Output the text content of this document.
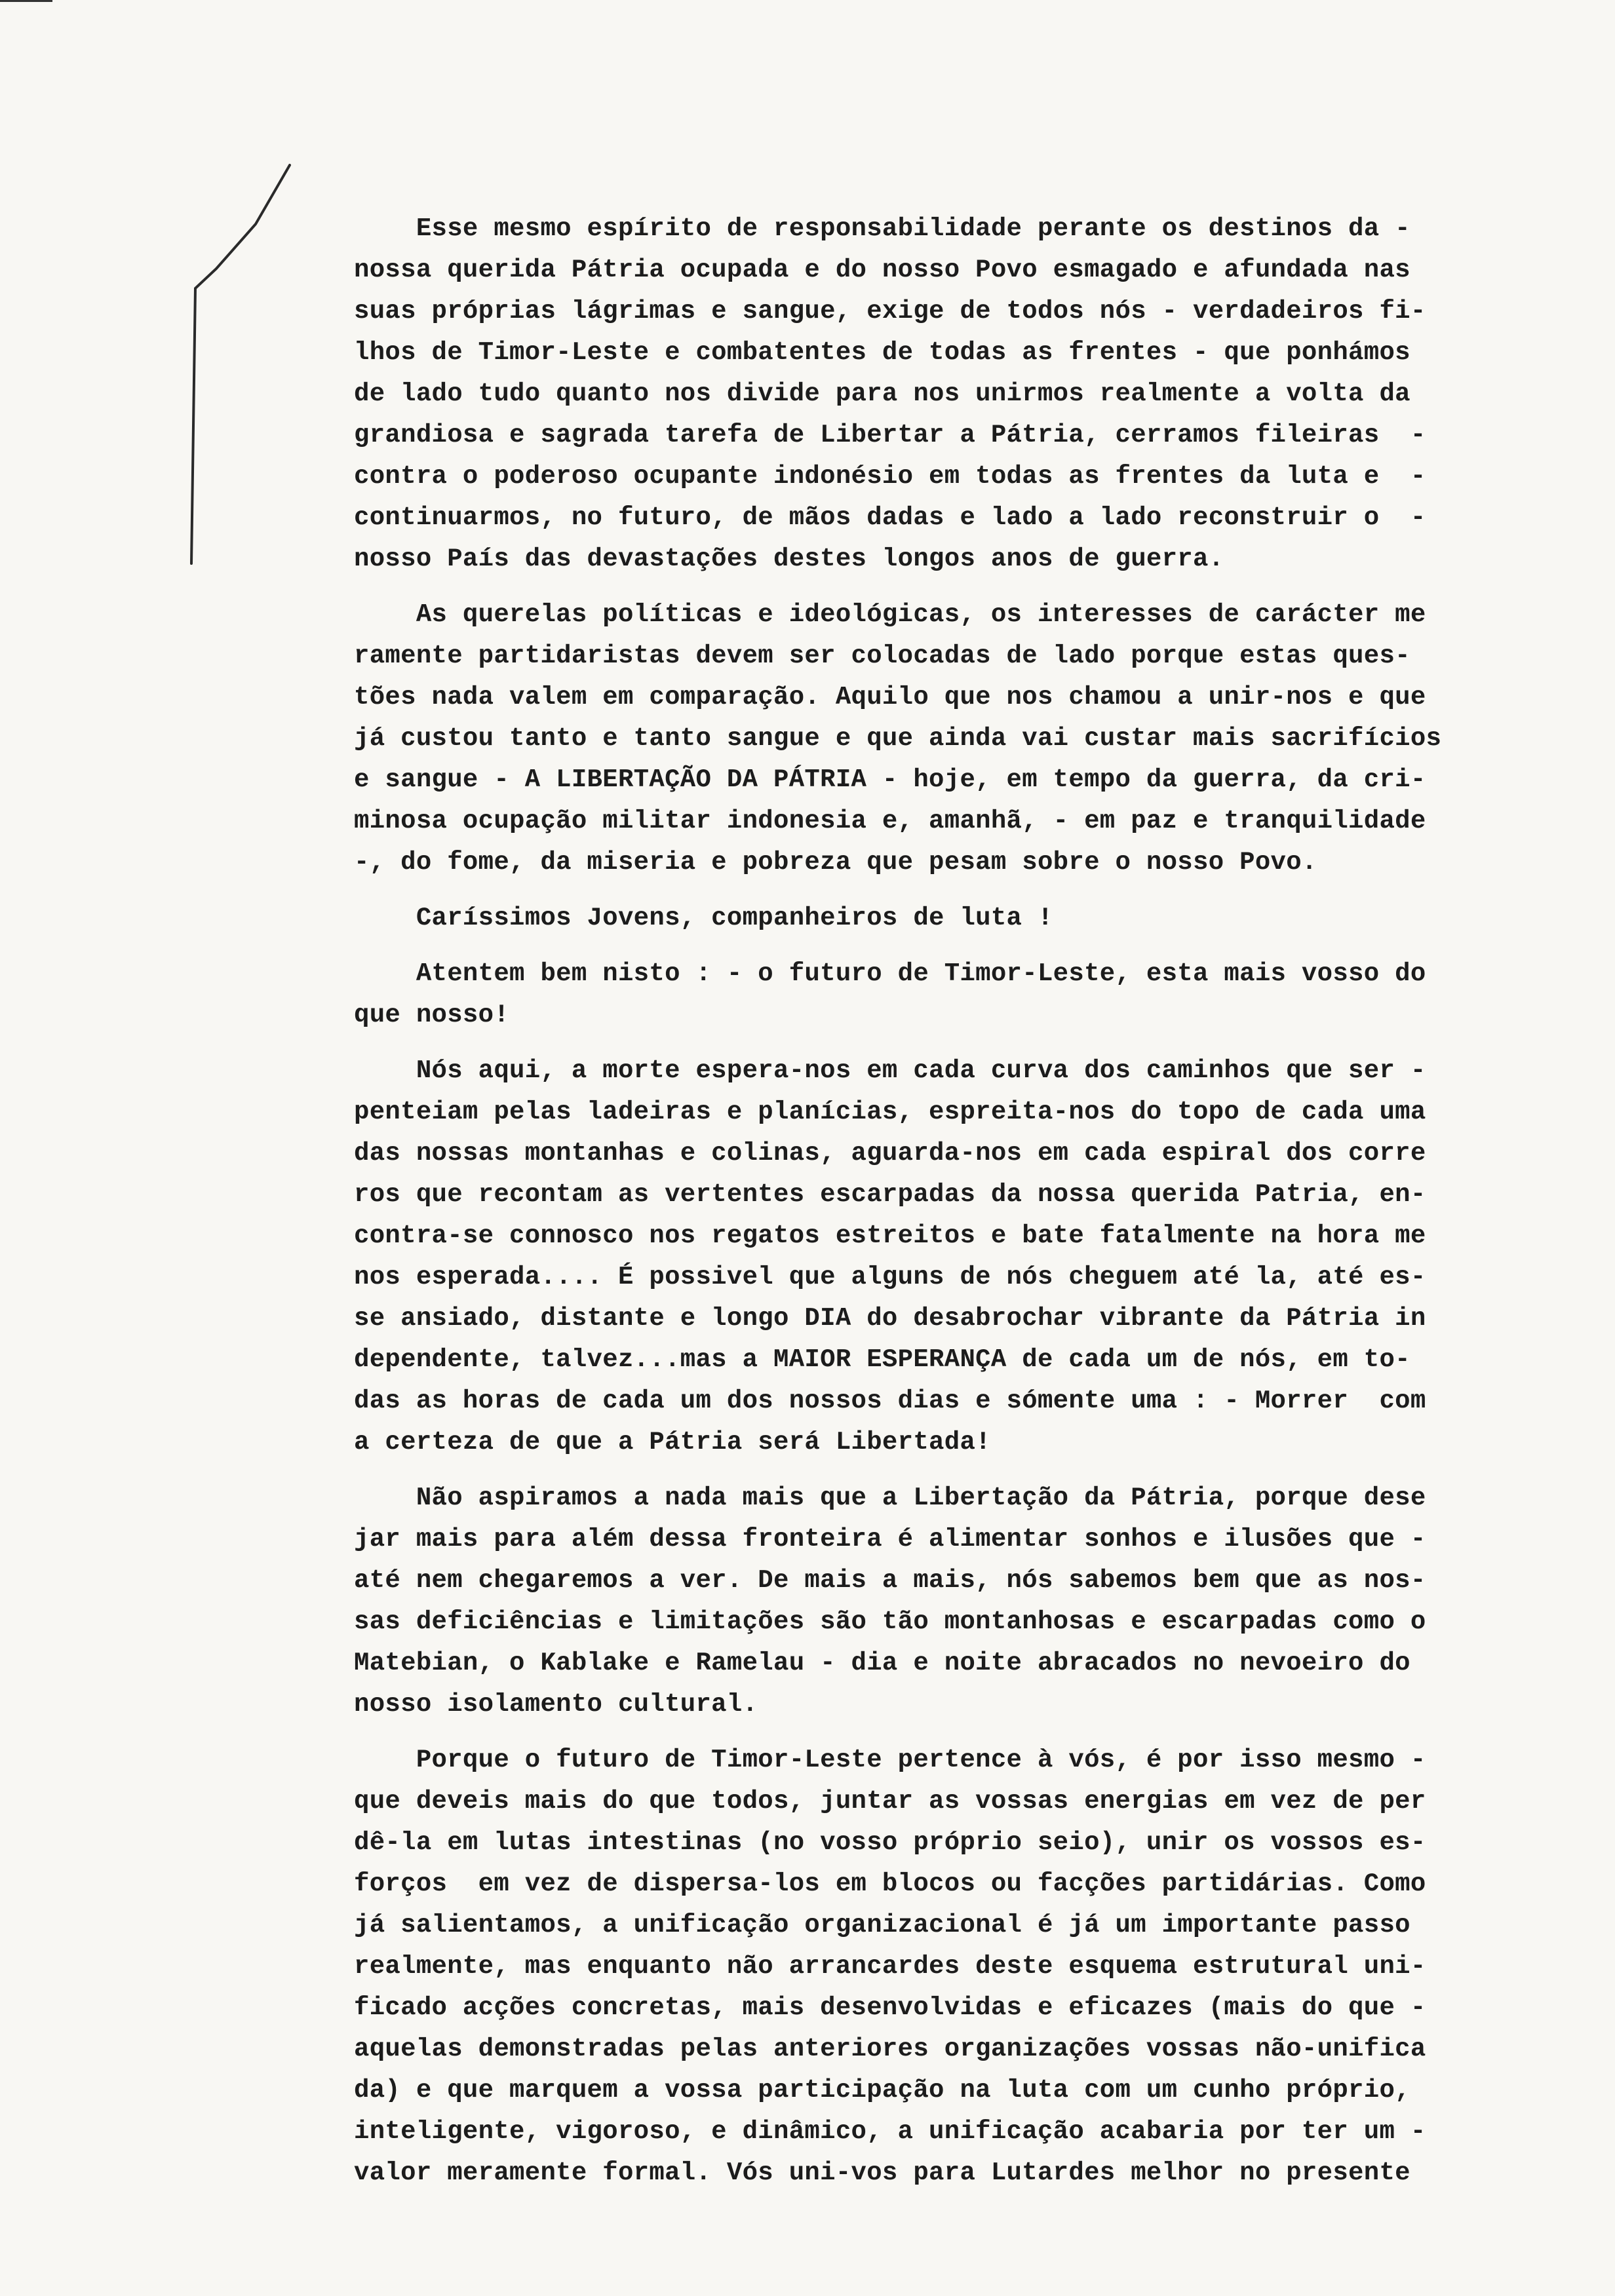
Esse mesmo espírito de responsabilidade perante os destinos da -
nossa querida Pátria ocupada e do nosso Povo esmagado e afundada nas
suas próprias lágrimas e sangue, exige de todos nós - verdadeiros fi-
lhos de Timor-Leste e combatentes de todas as frentes - que ponhámos
de lado tudo quanto nos divide para nos unirmos realmente a volta da
grandiosa e sagrada tarefa de Libertar a Pátria, cerramos fileiras  -
contra o poderoso ocupante indonésio em todas as frentes da luta e  -
continuarmos, no futuro, de mãos dadas e lado a lado reconstruir o  -
nosso País das devastações destes longos anos de guerra.
As querelas políticas e ideológicas, os interesses de carácter me
ramente partidaristas devem ser colocadas de lado porque estas ques-
tões nada valem em comparação. Aquilo que nos chamou a unir-nos e que
já custou tanto e tanto sangue e que ainda vai custar mais sacrifícios
e sangue - A LIBERTAÇÃO DA PÁTRIA - hoje, em tempo da guerra, da cri-
minosa ocupação militar indonesia e, amanhã, - em paz e tranquilidade
-, do fome, da miseria e pobreza que pesam sobre o nosso Povo.
Caríssimos Jovens, companheiros de luta !
Atentem bem nisto : - o futuro de Timor-Leste, esta mais vosso do
que nosso!
Nós aqui, a morte espera-nos em cada curva dos caminhos que ser -
penteiam pelas ladeiras e planícias, espreita-nos do topo de cada uma
das nossas montanhas e colinas, aguarda-nos em cada espiral dos corre
ros que recontam as vertentes escarpadas da nossa querida Patria, en-
contra-se connosco nos regatos estreitos e bate fatalmente na hora me
nos esperada.... É possivel que alguns de nós cheguem até la, até es-
se ansiado, distante e longo DIA do desabrochar vibrante da Pátria in
dependente, talvez...mas a MAIOR ESPERANÇA de cada um de nós, em to-
das as horas de cada um dos nossos dias e sómente uma : - Morrer  com
a certeza de que a Pátria será Libertada!
Não aspiramos a nada mais que a Libertação da Pátria, porque dese
jar mais para além dessa fronteira é alimentar sonhos e ilusões que -
até nem chegaremos a ver. De mais a mais, nós sabemos bem que as nos-
sas deficiências e limitações são tão montanhosas e escarpadas como o
Matebian, o Kablake e Ramelau - dia e noite abracados no nevoeiro do
nosso isolamento cultural.
Porque o futuro de Timor-Leste pertence à vós, é por isso mesmo -
que deveis mais do que todos, juntar as vossas energias em vez de per
dê-la em lutas intestinas (no vosso próprio seio), unir os vossos es-
forços  em vez de dispersa-los em blocos ou facções partidárias. Como
já salientamos, a unificação organizacional é já um importante passo
realmente, mas enquanto não arrancardes deste esquema estrutural uni-
ficado acções concretas, mais desenvolvidas e eficazes (mais do que -
aquelas demonstradas pelas anteriores organizações vossas não-unifica
da) e que marquem a vossa participação na luta com um cunho próprio,
inteligente, vigoroso, e dinâmico, a unificação acabaria por ter um -
valor meramente formal. Vós uni-vos para Lutardes melhor no presente
